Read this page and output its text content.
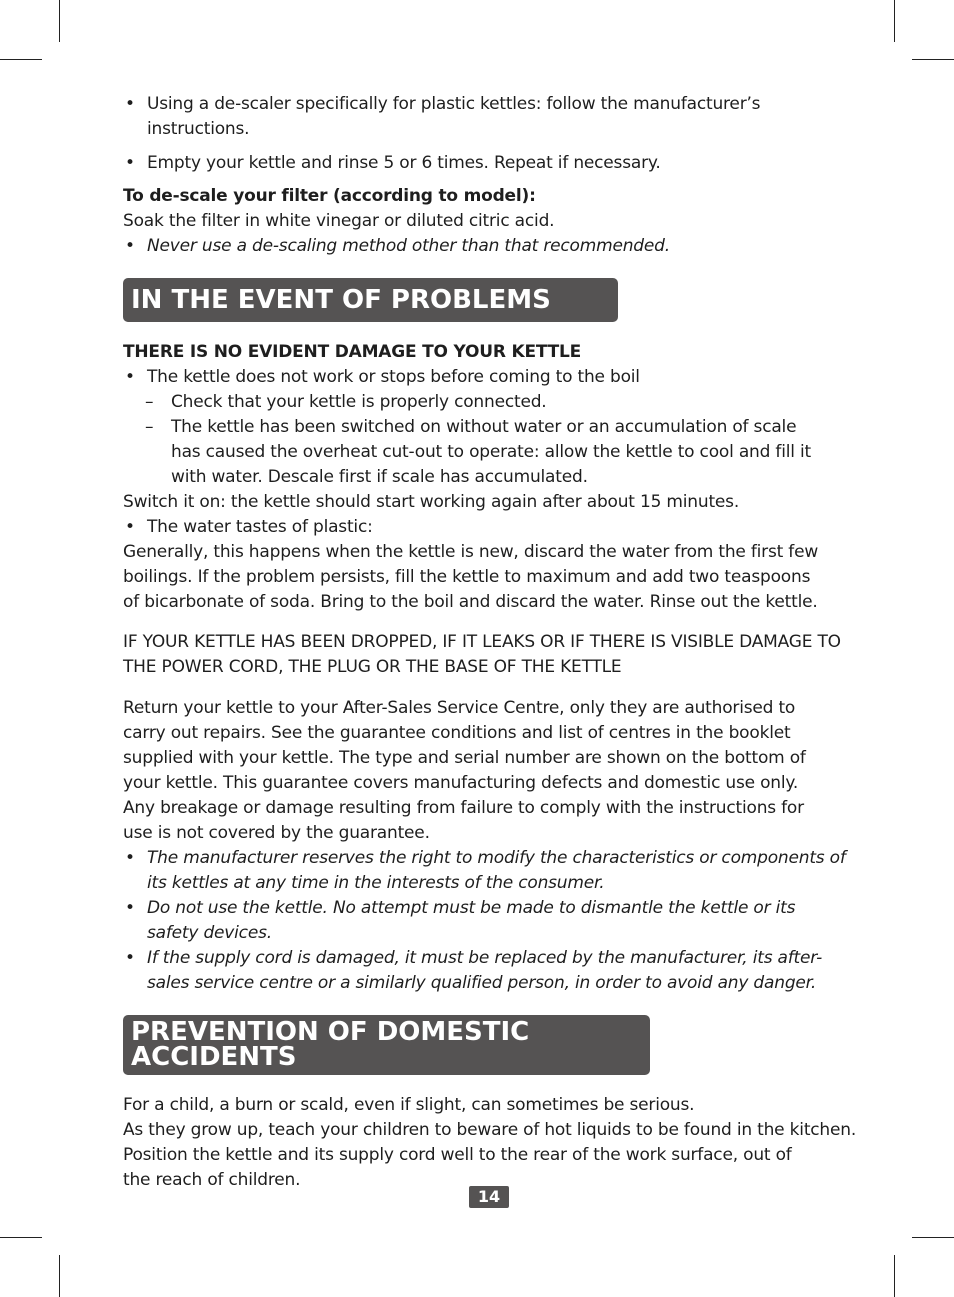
• Using a de-scaler specifically for plastic kettles: follow the manufacturer’s instructions.
• Empty your kettle and rinse 5 or 6 times. Repeat if necessary.
To de-scale your filter (according to model):
Soak the filter in white vinegar or diluted citric acid.
• Never use a de-scaling method other than that recommended.
IN THE EVENT OF PROBLEMS
THERE IS NO EVIDENT DAMAGE TO YOUR KETTLE
• The kettle does not work or stops before coming to the boil
– Check that your kettle is properly connected.
– The kettle has been switched on without water or an accumulation of scale has caused the overheat cut-out to operate: allow the kettle to cool and fill it with water. Descale first if scale has accumulated.
Switch it on: the kettle should start working again after about 15 minutes.
• The water tastes of plastic:
Generally, this happens when the kettle is new, discard the water from the first few boilings. If the problem persists, fill the kettle to maximum and add two teaspoons of bicarbonate of soda. Bring to the boil and discard the water. Rinse out the kettle.
IF YOUR KETTLE HAS BEEN DROPPED, IF IT LEAKS OR IF THERE IS VISIBLE DAMAGE TO THE POWER CORD, THE PLUG OR THE BASE OF THE KETTLE
Return your kettle to your After-Sales Service Centre, only they are authorised to carry out repairs. See the guarantee conditions and list of centres in the booklet supplied with your kettle. The type and serial number are shown on the bottom of your kettle. This guarantee covers manufacturing defects and domestic use only. Any breakage or damage resulting from failure to comply with the instructions for use is not covered by the guarantee.
• The manufacturer reserves the right to modify the characteristics or components of its kettles at any time in the interests of the consumer.
• Do not use the kettle. No attempt must be made to dismantle the kettle or its safety devices.
• If the supply cord is damaged, it must be replaced by the manufacturer, its after-sales service centre or a similarly qualified person, in order to avoid any danger.
PREVENTION OF DOMESTIC ACCIDENTS
For a child, a burn or scald, even if slight, can sometimes be serious.
As they grow up, teach your children to beware of hot liquids to be found in the kitchen.
Position the kettle and its supply cord well to the rear of the work surface, out of the reach of children.
14
